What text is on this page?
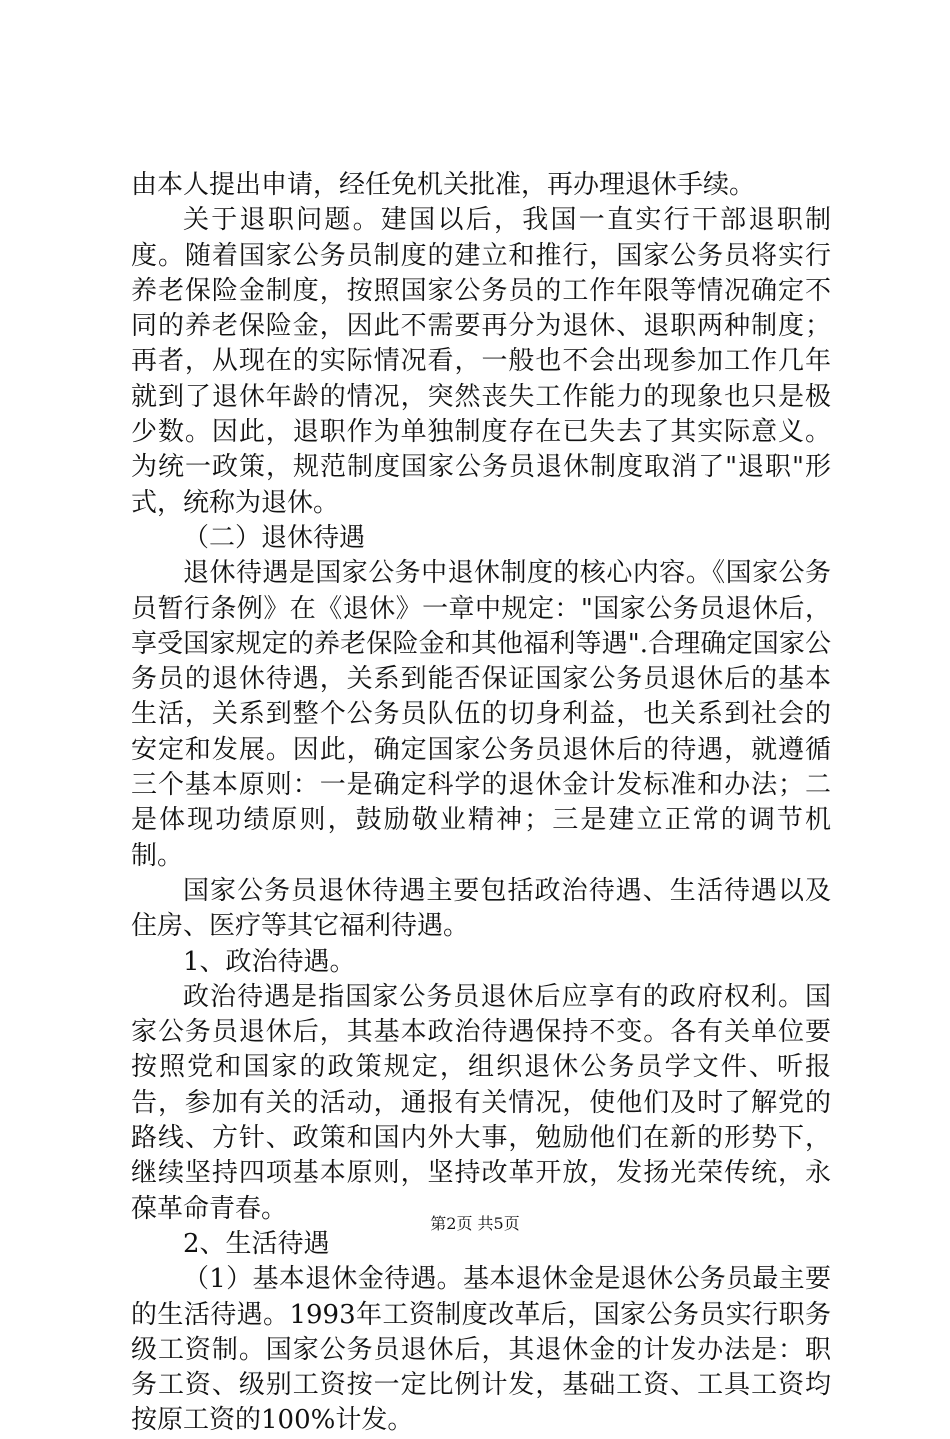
由本人提出申请，经任免机关批准，再办理退休手续。

关于退职问题。建国以后，我国一直实行干部退职制度。随着国家公务员制度的建立和推行，国家公务员将实行养老保险金制度，按照国家公务员的工作年限等情况确定不同的养老保险金，因此不需要再分为退休、退职两种制度；再者，从现在的实际情况看，一般也不会出现参加工作几年就到了退休年龄的情况，突然丧失工作能力的现象也只是极少数。因此，退职作为单独制度存在已失去了其实际意义。为统一政策，规范制度国家公务员退休制度取消了"退职"形式，统称为退休。

（二）退休待遇

退休待遇是国家公务中退休制度的核心内容。《国家公务员暂行条例》在《退休》一章中规定："国家公务员退休后，享受国家规定的养老保险金和其他福利等遇".合理确定国家公务员的退休待遇，关系到能否保证国家公务员退休后的基本生活，关系到整个公务员队伍的切身利益，也关系到社会的安定和发展。因此，确定国家公务员退休后的待遇，就遵循三个基本原则：一是确定科学的退休金计发标准和办法；二是体现功绩原则，鼓励敬业精神；三是建立正常的调节机制。

国家公务员退休待遇主要包括政治待遇、生活待遇以及住房、医疗等其它福利待遇。

1、政治待遇。

政治待遇是指国家公务员退休后应享有的政府权利。国家公务员退休后，其基本政治待遇保持不变。各有关单位要按照党和国家的政策规定，组织退休公务员学文件、听报告，参加有关的活动，通报有关情况，使他们及时了解党的路线、方针、政策和国内外大事，勉励他们在新的形势下，继续坚持四项基本原则，坚持改革开放，发扬光荣传统，永葆革命青春。

2、生活待遇

（1）基本退休金待遇。基本退休金是退休公务员最主要的生活待遇。1993年工资制度改革后，国家公务员实行职务级工资制。国家公务员退休后，其退休金的计发办法是：职务工资、级别工资按一定比例计发，基础工资、工具工资均按原工资的100%计发。

第2页 共5页
